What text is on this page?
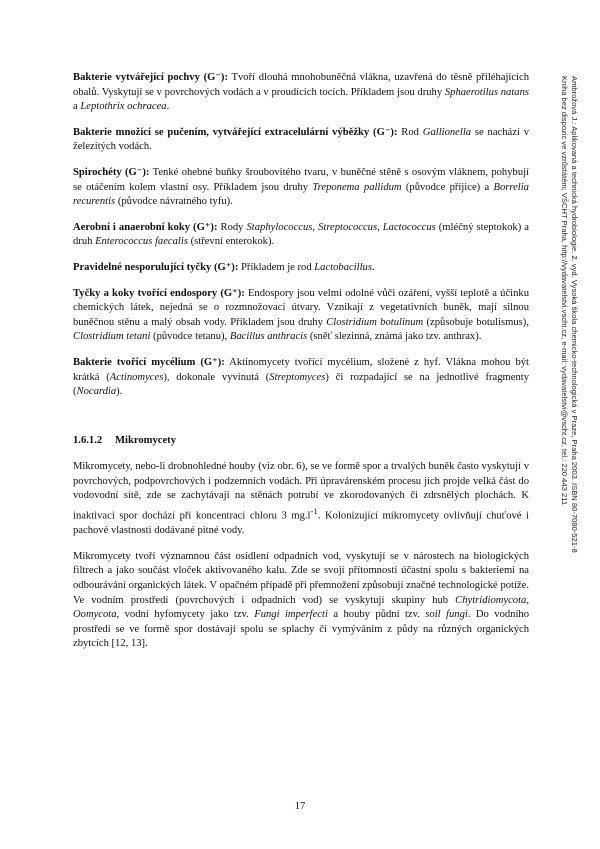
Ambrožová J.: Aplikovaná a technická hydrobiologie. 2. vyd. Vysoká škola chemicko-technologická v Praze, Praha 2003. ISBN 80-7080-521-8
Kniha bez dispozic ve vzrůstátém; VŠCHT Praha, http://vydavatelstvi.vscht.cz, e-mail: vydavatelstvi@vscht.cz, tel.: 220 443 211

Bakterie vytvářející pochvy (G⁻): Tvoří dlouhá mnohobuněčná vlákna, uzavřená do těsně přiléhajících obalů. Vyskytují se v povrchových vodách a v proudících tocích. Příkladem jsou druhy Sphaerotilus natans a Leptothrix ochracea.

Bakterie množící se pučením, vytvářející extracelulární výběžky (G⁻): Rod Gallionella se nachází v železitých vodách.

Spirochéty (G⁻): Tenké ohebné buňky šroubovitého tvaru, v buněčné stěně s osovým vláknem, pohybují se otáčením kolem vlastní osy. Příkladem jsou druhy Treponema pallidum (původce příjice) a Borrelia recurentis (původce návratného tyfu).

Aerobní i anaerobní koky (G⁺): Rody Staphylococcus, Streptococcus, Lactococcus (mléčný steptokok) a druh Enterococcus faecalis (střevní enterokok).

Pravidelné nesporulující tyčky (G⁺): Příkladem je rod Lactobacillus.

Tyčky a koky tvořící endospory (G⁺): Endospory jsou velmi odolné vůči ozáření, vyšší teplotě a účinku chemických látek, nejedná se o rozmnožovací útvary. Vznikají z vegetativních buněk, mají silnou buněčnou stěnu a malý obsah vody. Příkladem jsou druhy Clostridium botulinum (způsobuje botulismus), Clostridium tetani (původce tetanu), Bacillus anthracis (sněť slezinná, známá jako tzv. anthrax).

Bakterie tvořící mycélium (G⁺): Aktinomycety tvořící mycélium, složené z hyf. Vlákna mohou být krátká (Actinomyces), dokonale vyvinutá (Streptomyces) či rozpadající se na jednotlivé fragmenty (Nocardia).

1.6.1.2 Mikromycety

Mikromycety, nebo-li drobnohledné houby (viz obr. 6), se ve formě spor a trvalých buněk často vyskytují v povrchových, podpovrchových i podzemních vodách. Při úpravárenském procesu jich projde velká část do vodovodní sítě, zde se zachytávají na stěnách potrubí ve zkorodovaných či zdrsnělých plochách. K inaktivaci spor dochází při koncentraci chloru 3 $mg.l^{-1}$. Kolonizující mikromycety ovlivňují chuťové i pachové vlastnosti dodávané pitné vody.

Mikromycety tvoří významnou část osídlení odpadních vod, vyskytují se v nárostech na biologických filtrech a jako součást vloček aktivovaného kalu. Zde se svojí přítomností účastní spolu s bakteriemi na odbourávání organických látek. V opačném případě při přemnožení způsobují značné technologické potíže. Ve vodním prostředí (povrchových i odpadních vod) se vyskytují skupiny hub Chytridiomycota, Oomycota, vodní hyfomycety jako tzv. Fungi imperfecti a houby půdní tzv. soil fungi. Do vodního prostředí se ve formě spor dostávají spolu se splachy či vymýváním z půdy na různých organických zbytcích [12, 13].

17
